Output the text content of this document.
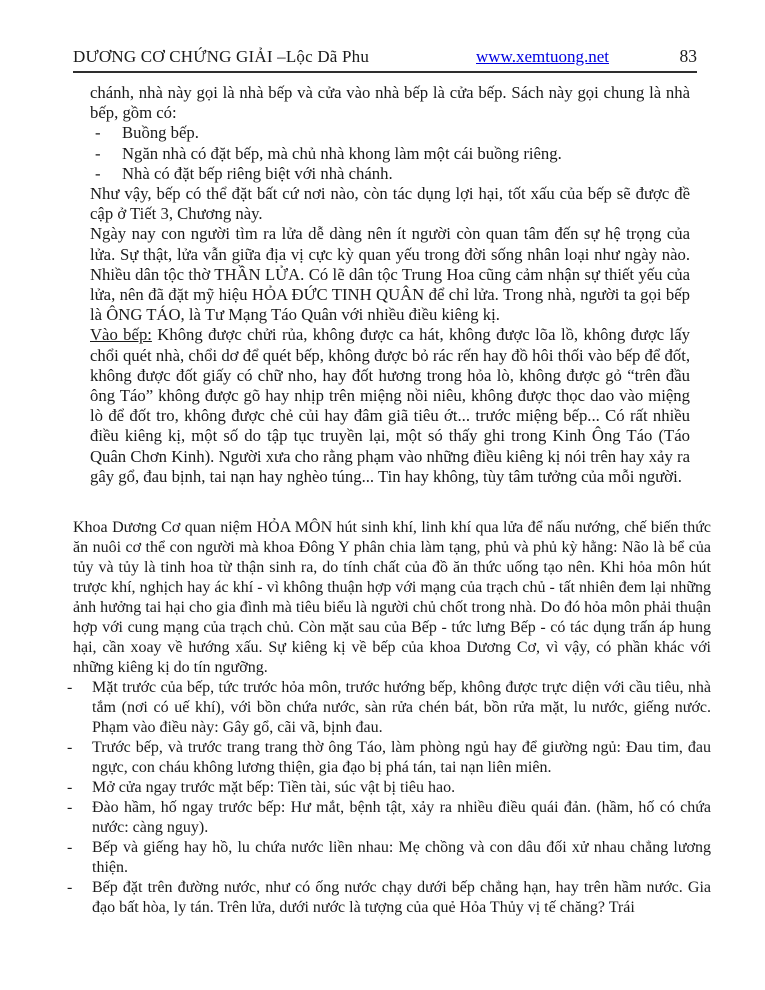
DƯƠNG CƠ CHỨNG GIẢI –Lộc Dã Phu	www.xemtuong.net	83

chánh, nhà này gọi là nhà bếp và cửa vào nhà bếp là cửa bếp. Sách này gọi chung là nhà bếp, gồm có:

- Buồng bếp.
- Ngăn nhà có đặt bếp, mà chủ nhà khong làm một cái buồng riêng.
- Nhà có đặt bếp riêng biệt với nhà chánh.

Như vậy, bếp có thể đặt bất cứ nơi nào, còn tác dụng lợi hại, tốt xấu của bếp sẽ được đề cập ở Tiết 3, Chương này.

Ngày nay con người tìm ra lửa dễ dàng nên ít người còn quan tâm đến sự hệ trọng của lửa. Sự thật, lửa vẫn giữa địa vị cực kỳ quan yếu trong đời sống nhân loại như ngày nào. Nhiều dân tộc thờ THẦN LỬA. Có lẽ dân tộc Trung Hoa cũng cảm nhận sự thiết yếu của lửa, nên đã đặt mỹ hiệu HỎA ĐỨC TINH QUÂN để chỉ lửa. Trong nhà, người ta gọi bếp là ÔNG TÁO, là Tư Mạng Táo Quân với nhiều điều kiêng kị.

Vào bếp: Không được chửi rủa, không được ca hát, không được lõa lồ, không được lấy chổi quét nhà, chổi dơ để quét bếp, không được bỏ rác rến hay đồ hôi thối vào bếp để đốt, không được đốt giấy có chữ nho, hay đốt hương trong hỏa lò, không được gỏ “trên đầu ông Táo” không được gõ hay nhịp trên miệng nồi niêu, không được thọc dao vào miệng lò để đốt tro, không được chẻ củi hay đâm giã tiêu ớt... trước miệng bếp... Có rất nhiều điều kiêng kị, một số do tập tục truyền lại, một só thấy ghi trong Kinh Ông Táo (Táo Quân Chơn Kinh). Người xưa cho rằng phạm vào những điều kiêng kị nói trên hay xảy ra gây gổ, đau bịnh, tai nạn hay nghèo túng... Tin hay không, tùy tâm tưởng của mỗi người.

Khoa Dương Cơ quan niệm HỎA MÔN hút sinh khí, linh khí qua lửa để nấu nướng, chế biến thức ăn nuôi cơ thể con người mà khoa Đông Y phân chia làm tạng, phủ và phủ kỳ hằng: Não là bể của tủy và tủy là tinh hoa từ thận sinh ra, do tính chất của đồ ăn thức uống tạo nên. Khi hỏa môn hút trược khí, nghịch hay ác khí - vì không thuận hợp với mạng của trạch chủ - tất nhiên đem lại những ảnh hưởng tai hại cho gia đình mà tiêu biểu là người chủ chốt trong nhà. Do đó hỏa môn phải thuận hợp với cung mạng của trạch chủ. Còn mặt sau của Bếp - tức lưng Bếp - có tác dụng trấn áp hung hại, cần xoay về hướng xấu. Sự kiêng kị về bếp của khoa Dương Cơ, vì vậy, có phần khác với những kiêng kị do tín ngưỡng.

- Mặt trước của bếp, tức trước hỏa môn, trước hướng bếp, không được trực diện với cầu tiêu, nhà tắm (nơi có uế khí), với bồn chứa nước, sàn rửa chén bát, bồn rửa mặt, lu nước, giếng nước. Phạm vào điều này: Gây gổ, cãi vã, bịnh đau.
- Trước bếp, và trước trang trang thờ ông Táo, làm phòng ngủ hay để giường ngủ: Đau tim, đau ngực, con cháu không lương thiện, gia đạo bị phá tán, tai nạn liên miên.
- Mở cửa ngay trước mặt bếp: Tiền tài, súc vật bị tiêu hao.
- Đào hầm, hố ngay trước bếp: Hư mắt, bệnh tật, xảy ra nhiều điều quái đản. (hầm, hố có chứa nước: càng nguy).
- Bếp và giếng hay hồ, lu chứa nước liền nhau: Mẹ chồng và con dâu đối xử nhau chẳng lương thiện.
- Bếp đặt trên đường nước, như có ống nước chạy dưới bếp chẳng hạn, hay trên hầm nước. Gia đạo bất hòa, ly tán. Trên lửa, dưới nước là tượng của quẻ Hỏa Thủy vị tế chăng? Trái
